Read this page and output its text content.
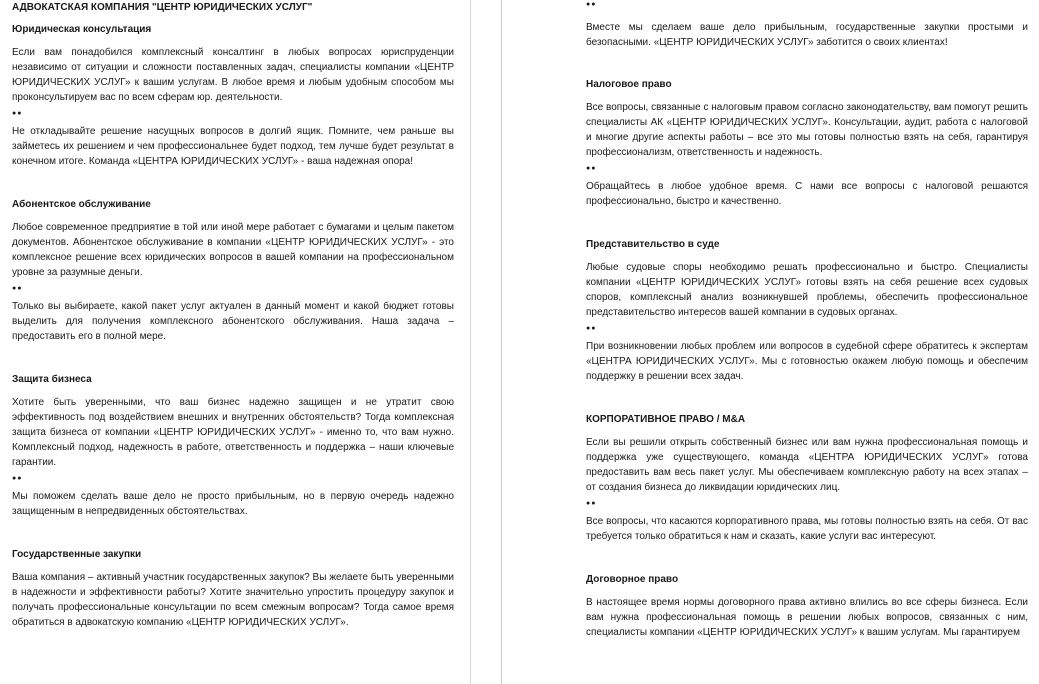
АДВОКАТСКАЯ КОМПАНИЯ "ЦЕНТР ЮРИДИЧЕСКИХ УСЛУГ"
Юридическая консультация

Если вам понадобился комплексный консалтинг в любых вопросах юриспруденции независимо от ситуации и сложности поставленных задач, специалисты компании «ЦЕНТР ЮРИДИЧЕСКИХ УСЛУГ» к вашим услугам. В любое время и любым удобным способом мы проконсультируем вас по всем сферам юр. деятельности.

●●

Не откладывайте решение насущных вопросов в долгий ящик. Помните, чем раньше вы займетесь их решением и чем профессиональнее будет подход, тем лучше будет результат в конечном итоге. Команда «ЦЕНТРА ЮРИДИЧЕСКИХ УСЛУГ» - ваша надежная опора!

Абонентское обслуживание

Любое современное предприятие в той или иной мере работает с бумагами и целым пакетом документов. Абонентское обслуживание в компании «ЦЕНТР ЮРИДИЧЕСКИХ УСЛУГ» - это комплексное решение всех юридических вопросов в вашей компании на профессиональном уровне за разумные деньги.

●●

Только вы выбираете, какой пакет услуг актуален в данный момент и какой бюджет готовы выделить для получения комплексного абонентского обслуживания. Наша задача – предоставить его в полной мере.

Защита бизнеса

Хотите быть уверенными, что ваш бизнес надежно защищен и не утратит свою эффективность под воздействием внешних и внутренних обстоятельств? Тогда комплексная защита бизнеса от компании «ЦЕНТР ЮРИДИЧЕСКИХ УСЛУГ» - именно то, что вам нужно. Комплексный подход, надежность в работе, ответственность и поддержка – наши ключевые гарантии.

●●

Мы поможем сделать ваше дело не просто прибыльным, но в первую очередь надежно защищенным в непредвиденных обстоятельствах.

Государственные закупки

Ваша компания – активный участник государственных закупок? Вы желаете быть уверенными в надежности и эффективности работы? Хотите значительно упростить процедуру закупок и получать профессиональные консультации по всем смежным вопросам? Тогда самое время обратиться в адвокатскую компанию «ЦЕНТР ЮРИДИЧЕСКИХ УСЛУГ».

●●

Вместе мы сделаем ваше дело прибыльным, государственные закупки простыми и безопасными. «ЦЕНТР ЮРИДИЧЕСКИХ УСЛУГ» заботится о своих клиентах!

Налоговое право

Все вопросы, связанные с налоговым правом согласно законодательству, вам помогут решить специалисты АК «ЦЕНТР ЮРИДИЧЕСКИХ УСЛУГ». Консультации, аудит, работа с налоговой и многие другие аспекты работы – все это мы готовы полностью взять на себя, гарантируя профессионализм, ответственность и надежность.

●●

Обращайтесь в любое удобное время. С нами все вопросы с налоговой решаются профессионально, быстро и качественно.

Представительство в суде

Любые судовые споры необходимо решать профессионально и быстро. Специалисты компании «ЦЕНТР ЮРИДИЧЕСКИХ УСЛУГ» готовы взять на себя решение всех судовых споров, комплексный анализ возникнувшей проблемы, обеспечить профессиональное представительство интересов вашей компании в судовых органах.

●●

При возникновении любых проблем или вопросов в судебной сфере обратитесь к экспертам «ЦЕНТРА ЮРИДИЧЕСКИХ УСЛУГ». Мы с готовностью окажем любую помощь и обеспечим поддержку в решении всех задач.

КОРПОРАТИВНОЕ ПРАВО / M&A

Если вы решили открыть собственный бизнес или вам нужна профессиональная помощь и поддержка уже существующего, команда «ЦЕНТРА ЮРИДИЧЕСКИХ УСЛУГ» готова предоставить вам весь пакет услуг. Мы обеспечиваем комплексную работу на всех этапах – от создания бизнеса до ликвидации юридических лиц.

●●

Все вопросы, что касаются корпоративного права, мы готовы полностью взять на себя. От вас требуется только обратиться к нам и сказать, какие услуги вас интересуют.

Договорное право

В настоящее время нормы договорного права активно влились во все сферы бизнеса. Если вам нужна профессиональная помощь в решении любых вопросов, связанных с ним, специалисты компании «ЦЕНТР ЮРИДИЧЕСКИХ УСЛУГ» к вашим услугам. Мы гарантируем
